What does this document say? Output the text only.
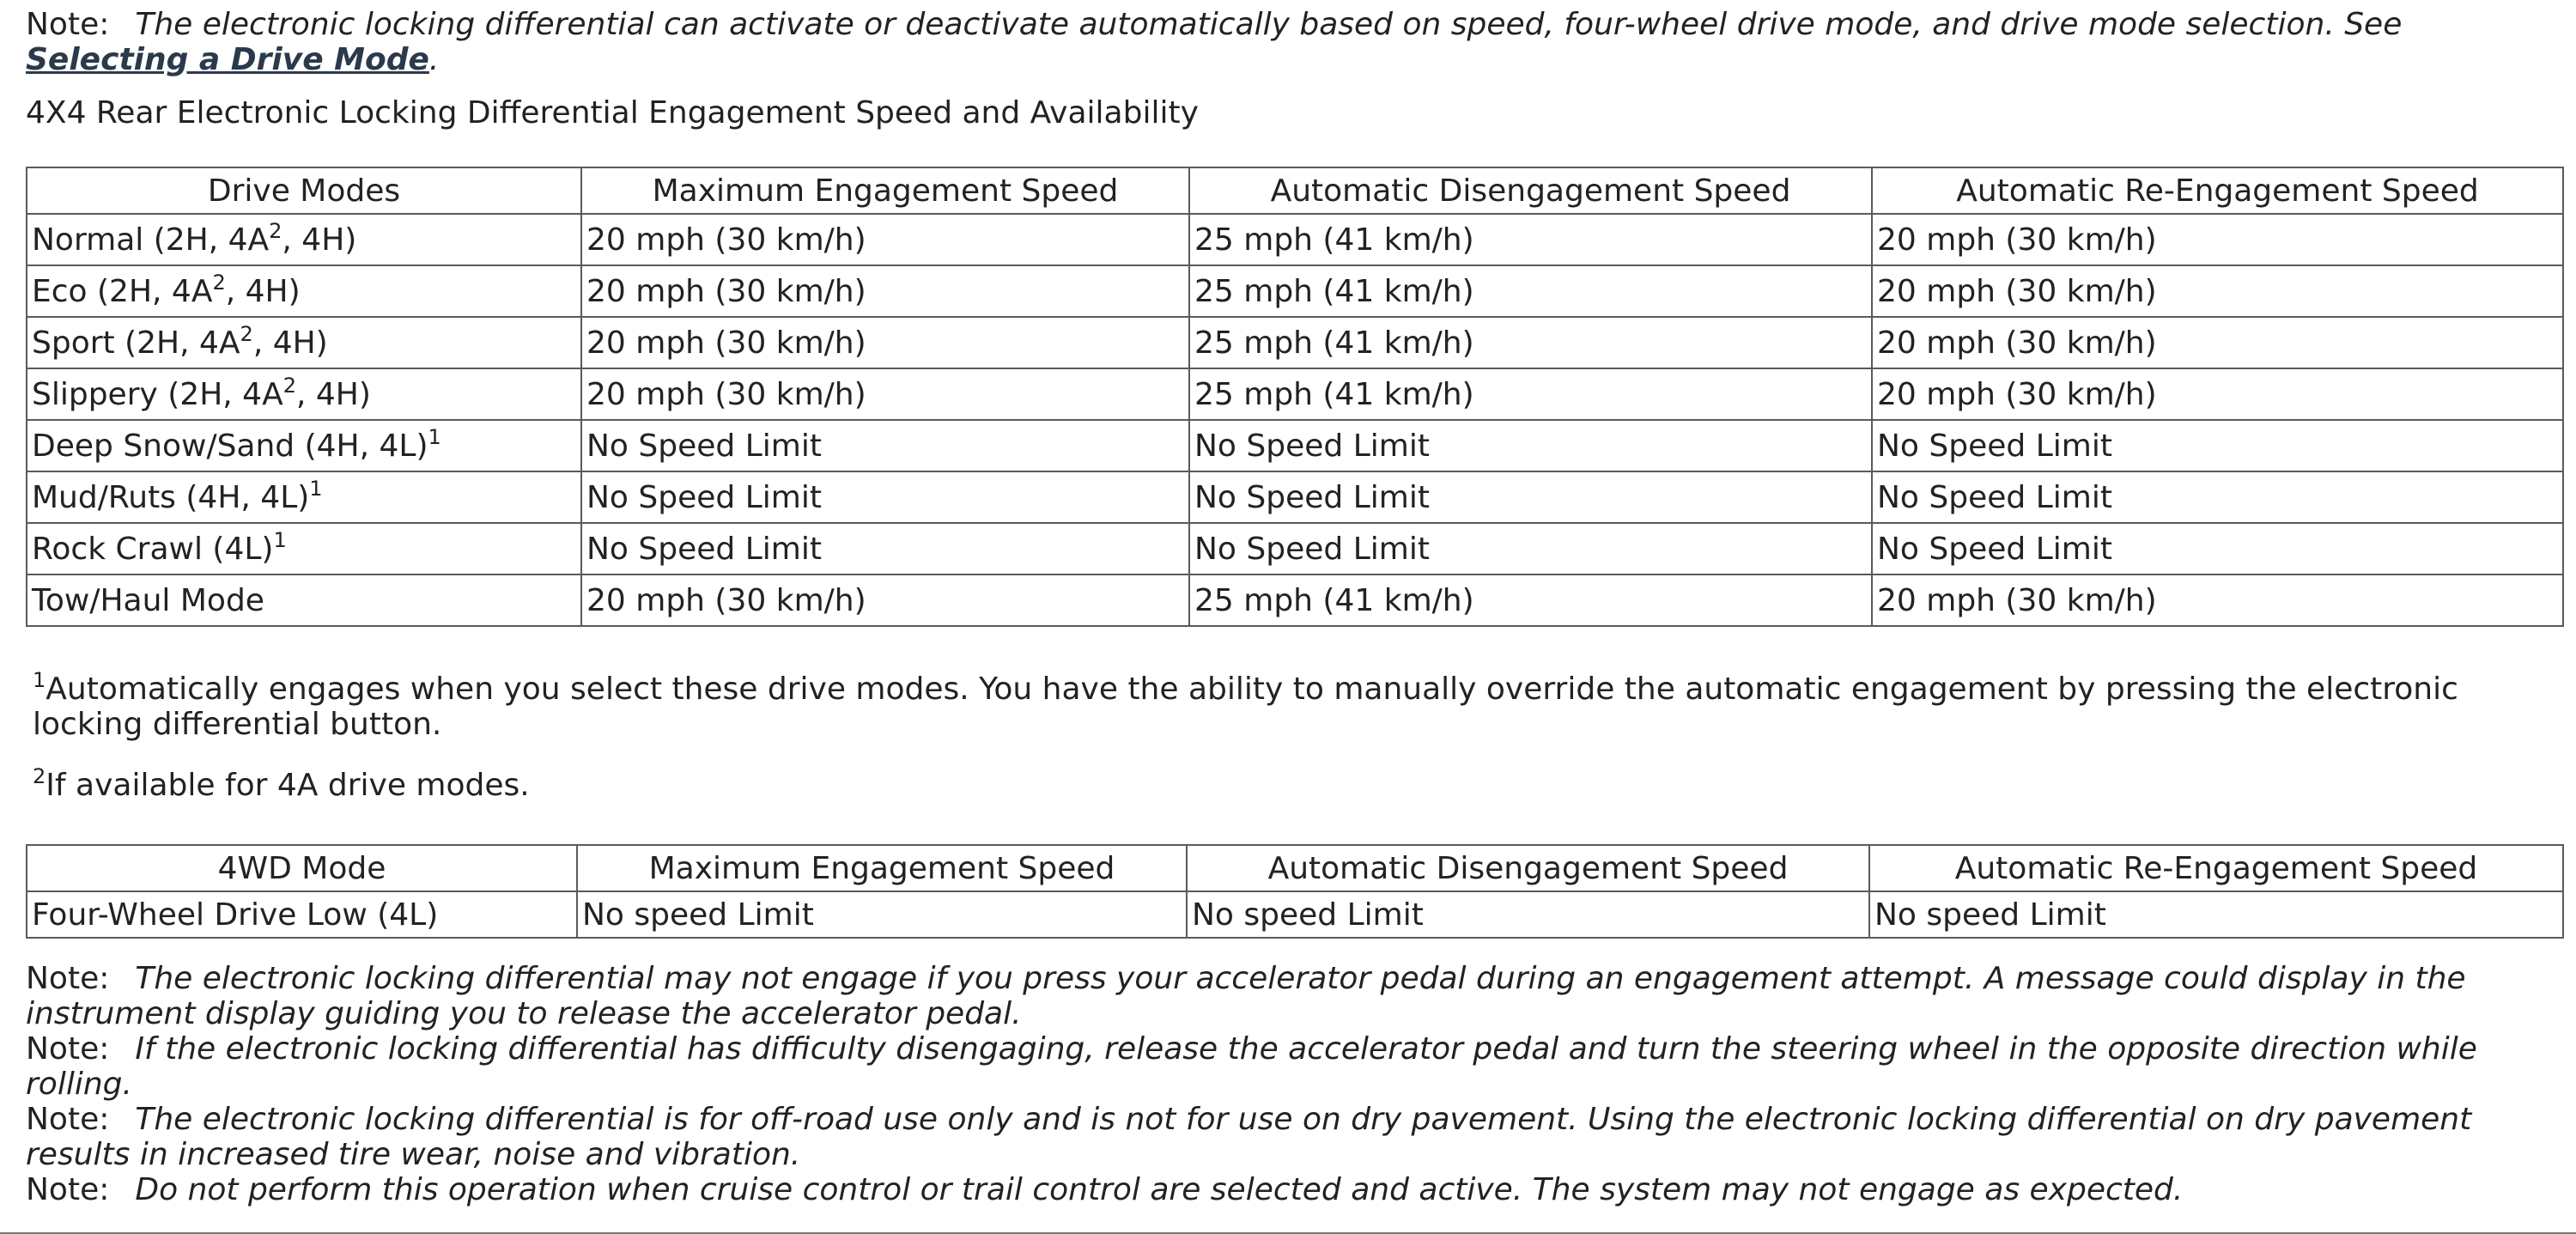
Note: The electronic locking differential can activate or deactivate automatically based on speed, four-wheel drive mode, and drive mode selection. See Selecting a Drive Mode.

4X4 Rear Electronic Locking Differential Engagement Speed and Availability

Drive Modes	Maximum Engagement Speed	Automatic Disengagement Speed	Automatic Re-Engagement Speed
Normal (2H, $4A^2$, 4H)	20 mph (30 km/h)	25 mph (41 km/h)	20 mph (30 km/h)
Eco (2H, $4A^2$, 4H)	20 mph (30 km/h)	25 mph (41 km/h)	20 mph (30 km/h)
Sport (2H, $4A^2$, 4H)	20 mph (30 km/h)	25 mph (41 km/h)	20 mph (30 km/h)
Slippery (2H, $4A^2$, 4H)	20 mph (30 km/h)	25 mph (41 km/h)	20 mph (30 km/h)
Deep Snow/Sand (4H, 4L)$^1$	No Speed Limit	No Speed Limit	No Speed Limit
Mud/Ruts (4H, 4L)$^1$	No Speed Limit	No Speed Limit	No Speed Limit
Rock Crawl $(4L)^1$	No Speed Limit	No Speed Limit	No Speed Limit
Tow/Haul Mode	20 mph (30 km/h)	25 mph (41 km/h)	20 mph (30 km/h)

$^1$Automatically engages when you select these drive modes. You have the ability to manually override the automatic engagement by pressing the electronic locking differential button.

$^2$If available for 4A drive modes.

4WD Mode	Maximum Engagement Speed	Automatic Disengagement Speed	Automatic Re-Engagement Speed
Four-Wheel Drive Low (4L)	No speed Limit	No speed Limit	No speed Limit

Note: The electronic locking differential may not engage if you press your accelerator pedal during an engagement attempt. A message could display in the instrument display guiding you to release the accelerator pedal.

Note: If the electronic locking differential has difficulty disengaging, release the accelerator pedal and turn the steering wheel in the opposite direction while rolling.

Note: The electronic locking differential is for off-road use only and is not for use on dry pavement. Using the electronic locking differential on dry pavement results in increased tire wear, noise and vibration.

Note: Do not perform this operation when cruise control or trail control are selected and active. The system may not engage as expected.
